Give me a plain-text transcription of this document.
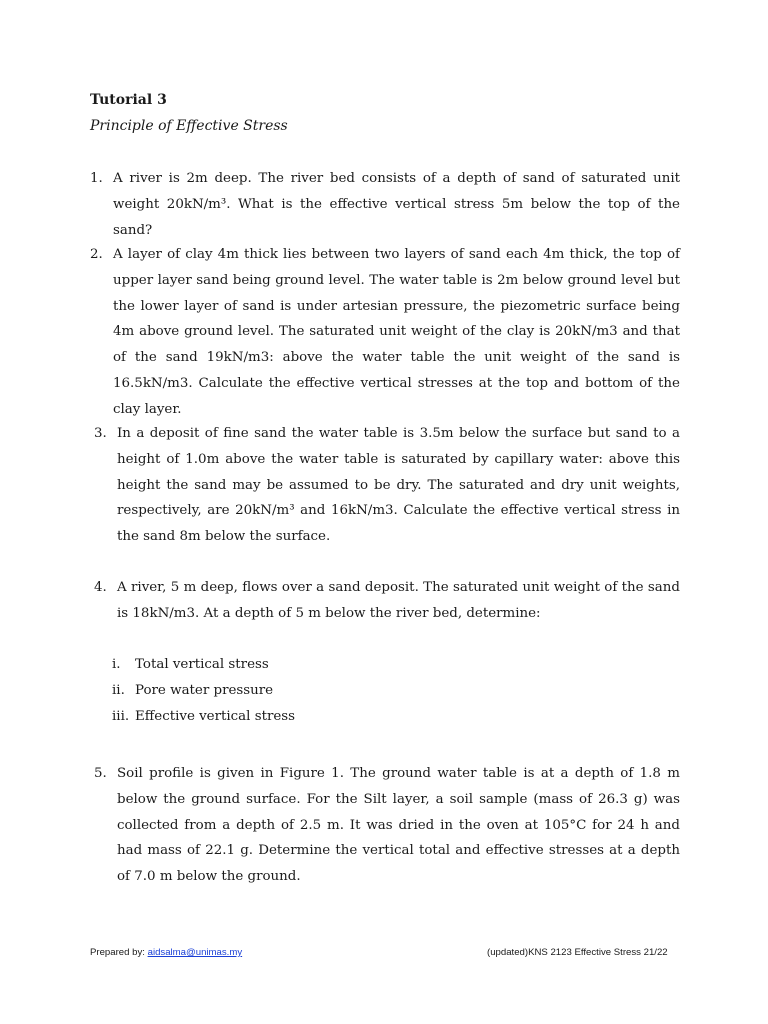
Tutorial 3

Principle of Effective Stress

1. A river is 2m deep. The river bed consists of a depth of sand of saturated unit weight 20kN/m³. What is the effective vertical stress 5m below the top of the sand?
2. A layer of clay 4m thick lies between two layers of sand each 4m thick, the top of upper layer sand being ground level. The water table is 2m below ground level but the lower layer of sand is under artesian pressure, the piezometric surface being 4m above ground level. The saturated unit weight of the clay is 20kN/m3 and that of the sand 19kN/m3: above the water table the unit weight of the sand is 16.5kN/m3. Calculate the effective vertical stresses at the top and bottom of the clay layer.
3. In a deposit of fine sand the water table is 3.5m below the surface but sand to a height of 1.0m above the water table is saturated by capillary water: above this height the sand may be assumed to be dry. The saturated and dry unit weights, respectively, are 20kN/m³ and 16kN/m3. Calculate the effective vertical stress in the sand 8m below the surface.
4. A river, 5 m deep, flows over a sand deposit. The saturated unit weight of the sand is 18kN/m3. At a depth of 5 m below the river bed, determine:
i.	Total vertical stress
ii. Pore water pressure
iii. Effective vertical stress
5. Soil profile is given in Figure 1. The ground water table is at a depth of 1.8 m below the ground surface. For the Silt layer, a soil sample (mass of 26.3 g) was collected from a depth of 2.5 m. It was dried in the oven at 105°C for 24 h and had mass of 22.1 g. Determine the vertical total and effective stresses at a depth of 7.0 m below the ground.
Prepared by: aidsalma@unimas.my	(updated)KNS 2123 Effective Stress 21/22
